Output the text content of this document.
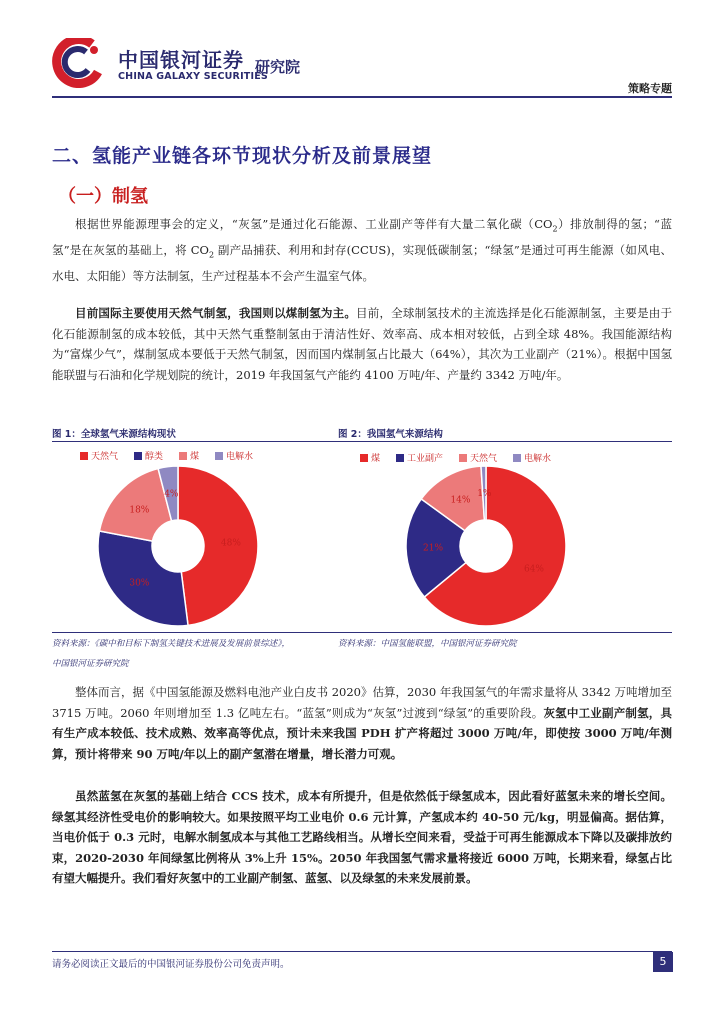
中国银河证券
CHINA GALAXY SECURITIES
研究院
策略专题
二、氢能产业链各环节现状分析及前景展望
（一）制氢

根据世界能源理事会的定义，“灰氢”是通过化石能源、工业副产等伴有大量二氧化碳$(CO_2)$排放制得的氢；“蓝氢”是在灰氢的基础上，将 $CO_2$ 副产品捕获、利用和封存(CCUS)，实现低碳制氢；“绿氢”是通过可再生能源（如风电、水电、太阳能）等方法制氢，生产过程基本不会产生温室气体。

目前国际主要使用天然气制氢，我国则以煤制氢为主。目前，全球制氢技术的主流选择是化石能源制氢，主要是由于化石能源制氢的成本较低，其中天然气重整制氢由于清洁性好、效率高、成本相对较低，占到全球 48%。我国能源结构为“富煤少气”，煤制氢成本要低于天然气制氢，因而国内煤制氢占比最大（64%），其次为工业副产（21%）。根据中国氢能联盟与石油和化学规划院的统计，2019 年我国氢气产能约 4100 万吨/年、产量约 3342 万吨/年。

图 1：全球氢气来源结构现状
天然气	醇类	煤	电解水
48%
30%
18%
4%
图 2：我国氢气来源结构
煤	工业副产	天然气	电解水
64%
21%
14%
1%
资料来源：《碳中和目标下制氢关键技术进展及发展前景综述》，
中国银河证券研究院
资料来源：中国氢能联盟，中国银河证券研究院

整体而言，据《中国氢能源及燃料电池产业白皮书 2020》估算，2030 年我国氢气的年需求量将从 3342 万吨增加至 3715 万吨。2060 年则增加至 1.3 亿吨左右。“蓝氢”则成为“灰氢”过渡到“绿氢”的重要阶段。灰氢中工业副产制氢，具有生产成本较低、技术成熟、效率高等优点，预计未来我国 PDH 扩产将超过 3000 万吨/年，即使按 3000 万吨/年测算，预计将带来 90 万吨/年以上的副产氢潜在增量，增长潜力可观。

虽然蓝氢在灰氢的基础上结合 CCS 技术，成本有所提升，但是依然低于绿氢成本，因此看好蓝氢未来的增长空间。绿氢其经济性受电价的影响较大。如果按照平均工业电价 0.6 元计算，产氢成本约 40-50 元/kg，明显偏高。据估算，当电价低于 0.3 元时，电解水制氢成本与其他工艺路线相当。从增长空间来看，受益于可再生能源成本下降以及碳排放约束，2020-2030 年间绿氢比例将从 3%上升 15%。2050 年我国氢气需求量将接近 6000 万吨，长期来看，绿氢占比有望大幅提升。我们看好灰氢中的工业副产制氢、蓝氢、以及绿氢的未来发展前景。

请务必阅读正文最后的中国银河证券股份公司免责声明。	5
